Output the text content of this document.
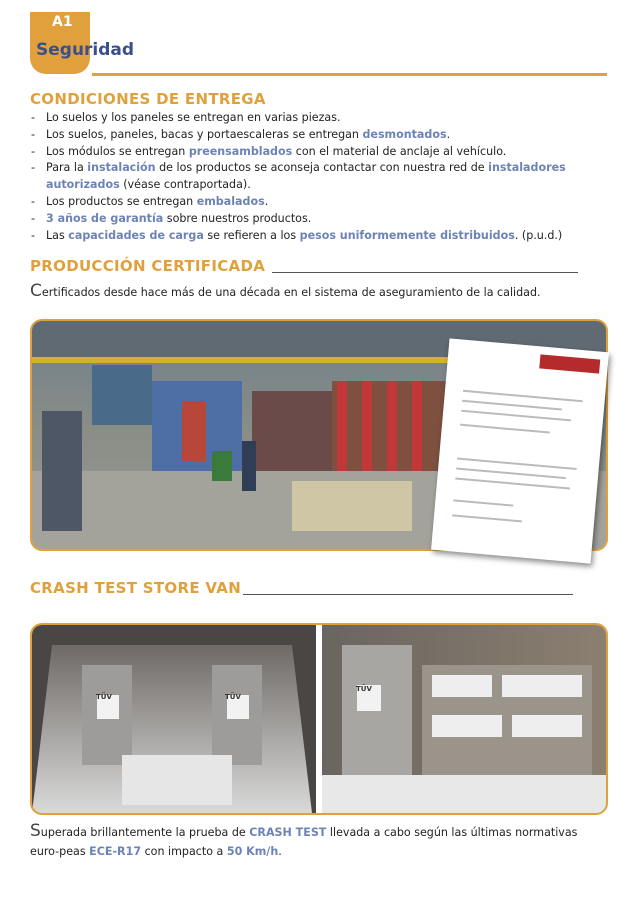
A1
Seguridad
CONDICIONES DE ENTREGA
- Lo suelos y los paneles se entregan en varias piezas.
- Los suelos, paneles, bacas y portaescaleras se entregan desmontados.
- Los módulos se entregan preensamblados con el material de anclaje al vehículo.
- Para la instalación de los productos se aconseja contactar con nuestra red de instaladores autorizados (véase contraportada).
- Los productos se entregan embalados.
- 3 años de garantía sobre nuestros productos.
- Las capacidades de carga se refieren a los pesos uniformemente distribuidos. (p.u.d.)
PRODUCCIÓN CERTIFICADA
Certificados desde hace más de una década en el sistema de aseguramiento de la calidad.
CRASH TEST STORE VAN
TÜV	TÜV
TÜV
Superada brillantemente la prueba de CRASH TEST llevada a cabo según las últimas normativas euro-peas ECE-R17 con impacto a 50 Km/h.
